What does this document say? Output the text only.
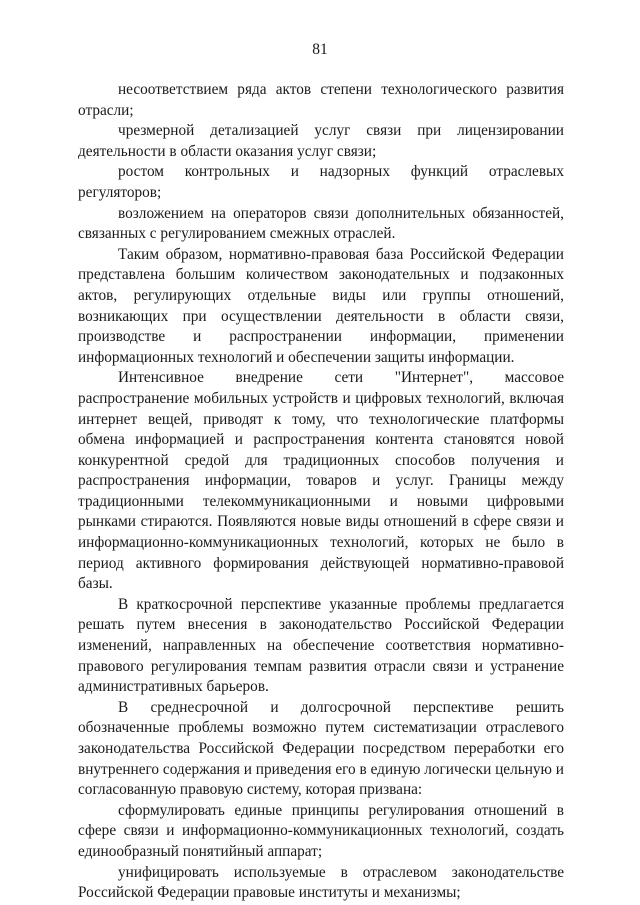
81

несоответствием ряда актов степени технологического развития отрасли;

чрезмерной детализацией услуг связи при лицензировании деятельности в области оказания услуг связи;

ростом контрольных и надзорных функций отраслевых регуляторов;

возложением на операторов связи дополнительных обязанностей, связанных с регулированием смежных отраслей.

Таким образом, нормативно-правовая база Российской Федерации представлена большим количеством законодательных и подзаконных актов, регулирующих отдельные виды или группы отношений, возникающих при осуществлении деятельности в области связи, производстве и распространении информации, применении информационных технологий и обеспечении защиты информации.

Интенсивное внедрение сети "Интернет", массовое распространение мобильных устройств и цифровых технологий, включая интернет вещей, приводят к тому, что технологические платформы обмена информацией и распространения контента становятся новой конкурентной средой для традиционных способов получения и распространения информации, товаров и услуг. Границы между традиционными телекоммуникационными и новыми цифровыми рынками стираются. Появляются новые виды отношений в сфере связи и информационно-коммуникационных технологий, которых не было в период активного формирования действующей нормативно-правовой базы.

В краткосрочной перспективе указанные проблемы предлагается решать путем внесения в законодательство Российской Федерации изменений, направленных на обеспечение соответствия нормативно-правового регулирования темпам развития отрасли связи и устранение административных барьеров.

В среднесрочной и долгосрочной перспективе решить обозначенные проблемы возможно путем систематизации отраслевого законодательства Российской Федерации посредством переработки его внутреннего содержания и приведения его в единую логически цельную и согласованную правовую систему, которая призвана:

сформулировать единые принципы регулирования отношений в сфере связи и информационно-коммуникационных технологий, создать единообразный понятийный аппарат;

унифицировать используемые в отраслевом законодательстве Российской Федерации правовые институты и механизмы;
